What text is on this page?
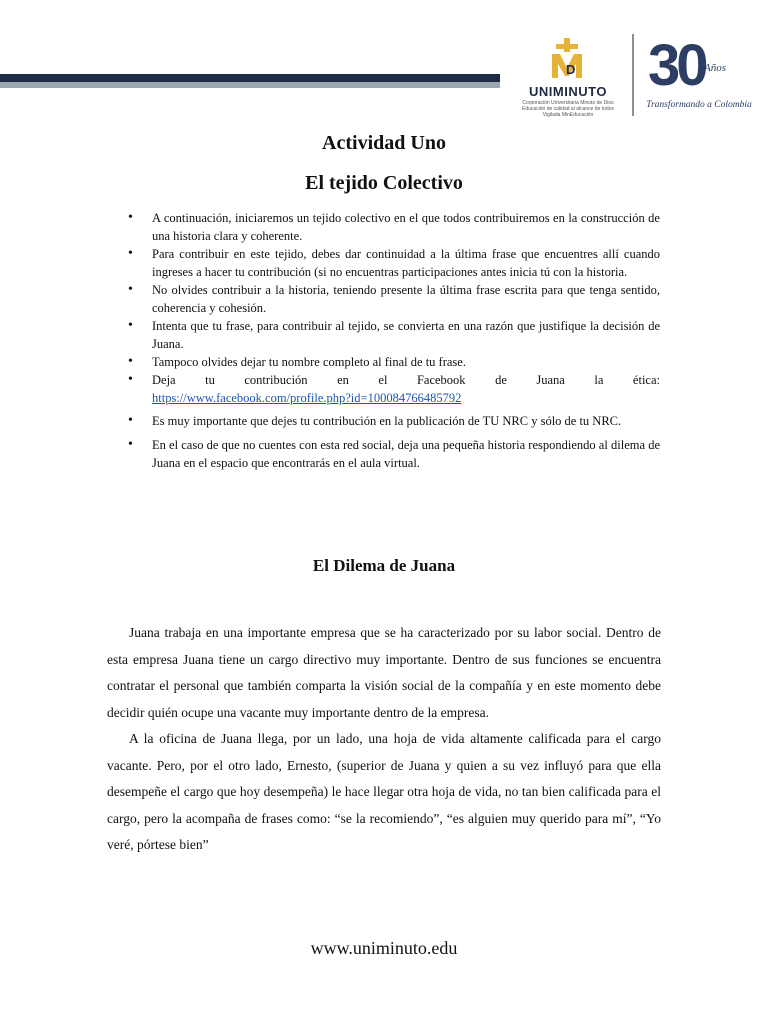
D
UNIMINUTO
Corporación Universitaria Minuto de Dios
Educación de calidad al alcance de todos
Vigilada MinEducación
30 Años
Transformando a Colombia
Actividad Uno
El tejido Colectivo
• A continuación, iniciaremos un tejido colectivo en el que todos contribuiremos en la construcción de una historia clara y coherente.
• Para contribuir en este tejido, debes dar continuidad a la última frase que encuentres allí cuando ingreses a hacer tu contribución (si no encuentras participaciones antes inicia tú con la historia.
• No olvides contribuir a la historia, teniendo presente la última frase escrita para que tenga sentido, coherencia y cohesión.
• Intenta que tu frase, para contribuir al tejido, se convierta en una razón que justifique la decisión de Juana.
• Tampoco olvides dejar tu nombre completo al final de tu frase.
• Deja tu contribución en el Facebook de Juana la ética:
https://www.facebook.com/profile.php?id=100084766485792
• Es muy importante que dejes tu contribución en la publicación de TU NRC y sólo de tu NRC.
• En el caso de que no cuentes con esta red social, deja una pequeña historia respondiendo al dilema de Juana en el espacio que encontrarás en el aula virtual.
El Dilema de Juana

Juana trabaja en una importante empresa que se ha caracterizado por su labor social. Dentro de esta empresa Juana tiene un cargo directivo muy importante. Dentro de sus funciones se encuentra contratar el personal que también comparta la visión social de la compañía y en este momento debe decidir quién ocupe una vacante muy importante dentro de la empresa.

A la oficina de Juana llega, por un lado, una hoja de vida altamente calificada para el cargo vacante. Pero, por el otro lado, Ernesto, (superior de Juana y quien a su vez influyó para que ella desempeñe el cargo que hoy desempeña) le hace llegar otra hoja de vida, no tan bien calificada para el cargo, pero la acompaña de frases como: “se la recomiendo”, “es alguien muy querido para mí”, “Yo veré, pórtese bien”

www.uniminuto.edu
